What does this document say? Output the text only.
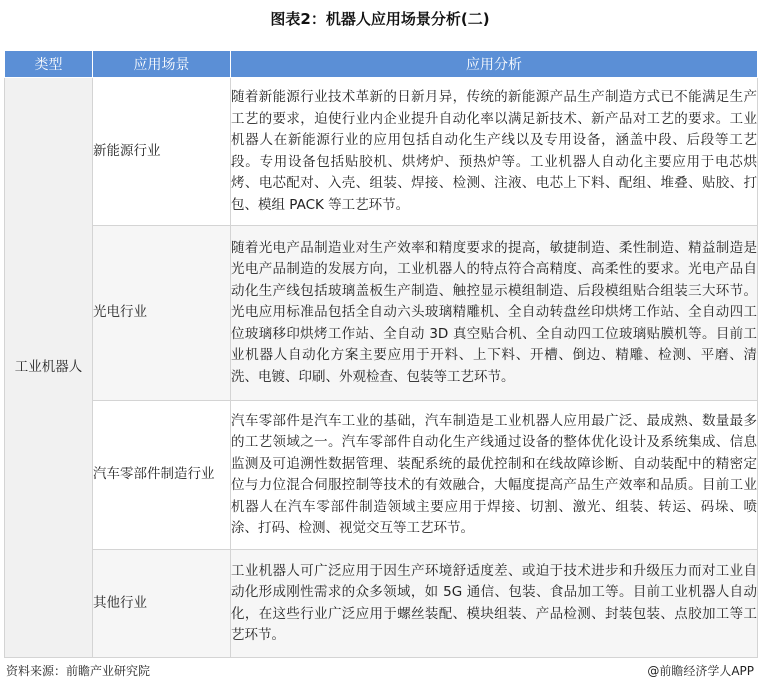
图表2：机器人应用场景分析(二)
类型	应用场景	应用分析
工业机器人	新能源行业	随着新能源行业技术革新的日新月异，传统的新能源产品生产制造方式已不能满足生产工艺的要求，迫使行业内企业提升自动化率以满足新技术、新产品对工艺的要求。工业机器人在新能源行业的应用包括自动化生产线以及专用设备，涵盖中段、后段等工艺段。专用设备包括贴胶机、烘烤炉、预热炉等。工业机器人自动化主要应用于电芯烘烤、电芯配对、入壳、组装、焊接、检测、注液、电芯上下料、配组、堆叠、贴胶、打包、模组 PACK 等工艺环节。
	光电行业	随着光电产品制造业对生产效率和精度要求的提高，敏捷制造、柔性制造、精益制造是光电产品制造的发展方向，工业机器人的特点符合高精度、高柔性的要求。光电产品自动化生产线包括玻璃盖板生产制造、触控显示模组制造、后段模组贴合组装三大环节。光电应用标准品包括全自动六头玻璃精雕机、全自动转盘丝印烘烤工作站、全自动四工位玻璃移印烘烤工作站、全自动 3D 真空贴合机、全自动四工位玻璃贴膜机等。目前工业机器人自动化方案主要应用于开料、上下料、开槽、倒边、精雕、检测、平磨、清洗、电镀、印刷、外观检查、包装等工艺环节。
	汽车零部件制造行业	汽车零部件是汽车工业的基础，汽车制造是工业机器人应用最广泛、最成熟、数量最多的工艺领域之一。汽车零部件自动化生产线通过设备的整体优化设计及系统集成、信息监测及可追溯性数据管理、装配系统的最优控制和在线故障诊断、自动装配中的精密定位与力位混合伺服控制等技术的有效融合，大幅度提高产品生产效率和品质。目前工业机器人在汽车零部件制造领域主要应用于焊接、切割、激光、组装、转运、码垛、喷涂、打码、检测、视觉交互等工艺环节。
	其他行业	工业机器人可广泛应用于因生产环境舒适度差、或迫于技术进步和升级压力而对工业自动化形成刚性需求的众多领域，如 5G 通信、包装、食品加工等。目前工业机器人自动化，在这些行业广泛应用于螺丝装配、模块组装、产品检测、封装包装、点胶加工等工艺环节。
资料来源：前瞻产业研究院	@前瞻经济学人APP
